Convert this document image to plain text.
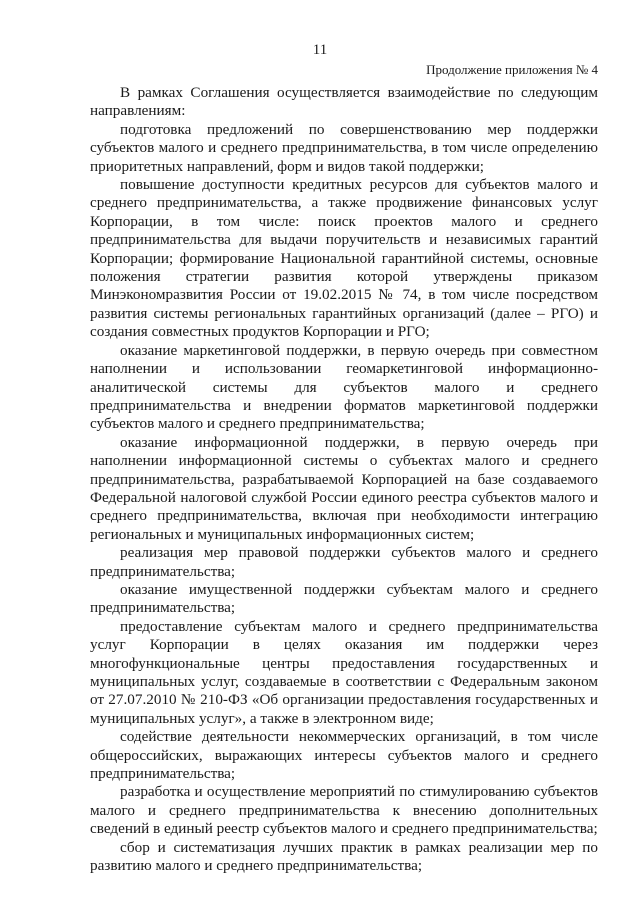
11
Продолжение приложения № 4

В рамках Соглашения осуществляется взаимодействие по следующим направлениям:

подготовка предложений по совершенствованию мер поддержки субъектов малого и среднего предпринимательства, в том числе определению приоритетных направлений, форм и видов такой поддержки;

повышение доступности кредитных ресурсов для субъектов малого и среднего предпринимательства, а также продвижение финансовых услуг Корпорации, в том числе: поиск проектов малого и среднего предпринимательства для выдачи поручительств и независимых гарантий Корпорации; формирование Национальной гарантийной системы, основные положения стратегии развития которой утверждены приказом Минэкономразвития России от 19.02.2015 № 74, в том числе посредством развития системы региональных гарантийных организаций (далее – РГО) и создания совместных продуктов Корпорации и РГО;

оказание маркетинговой поддержки, в первую очередь при совместном наполнении и использовании геомаркетинговой информационно-аналитической системы для субъектов малого и среднего предпринимательства и внедрении форматов маркетинговой поддержки субъектов малого и среднего предпринимательства;

оказание информационной поддержки, в первую очередь при наполнении информационной системы о субъектах малого и среднего предпринимательства, разрабатываемой Корпорацией на базе создаваемого Федеральной налоговой службой России единого реестра субъектов малого и среднего предпринимательства, включая при необходимости интеграцию региональных и муниципальных информационных систем;

реализация мер правовой поддержки субъектов малого и среднего предпринимательства;

оказание имущественной поддержки субъектам малого и среднего предпринимательства;

предоставление субъектам малого и среднего предпринимательства услуг Корпорации в целях оказания им поддержки через многофункциональные центры предоставления государственных и муниципальных услуг, создаваемые в соответствии с Федеральным законом от 27.07.2010 № 210-ФЗ «Об организации предоставления государственных и муниципальных услуг», а также в электронном виде;

содействие деятельности некоммерческих организаций, в том числе общероссийских, выражающих интересы субъектов малого и среднего предпринимательства;

разработка и осуществление мероприятий по стимулированию субъектов малого и среднего предпринимательства к внесению дополнительных сведений в единый реестр субъектов малого и среднего предпринимательства;

сбор и систематизация лучших практик в рамках реализации мер по развитию малого и среднего предпринимательства;
